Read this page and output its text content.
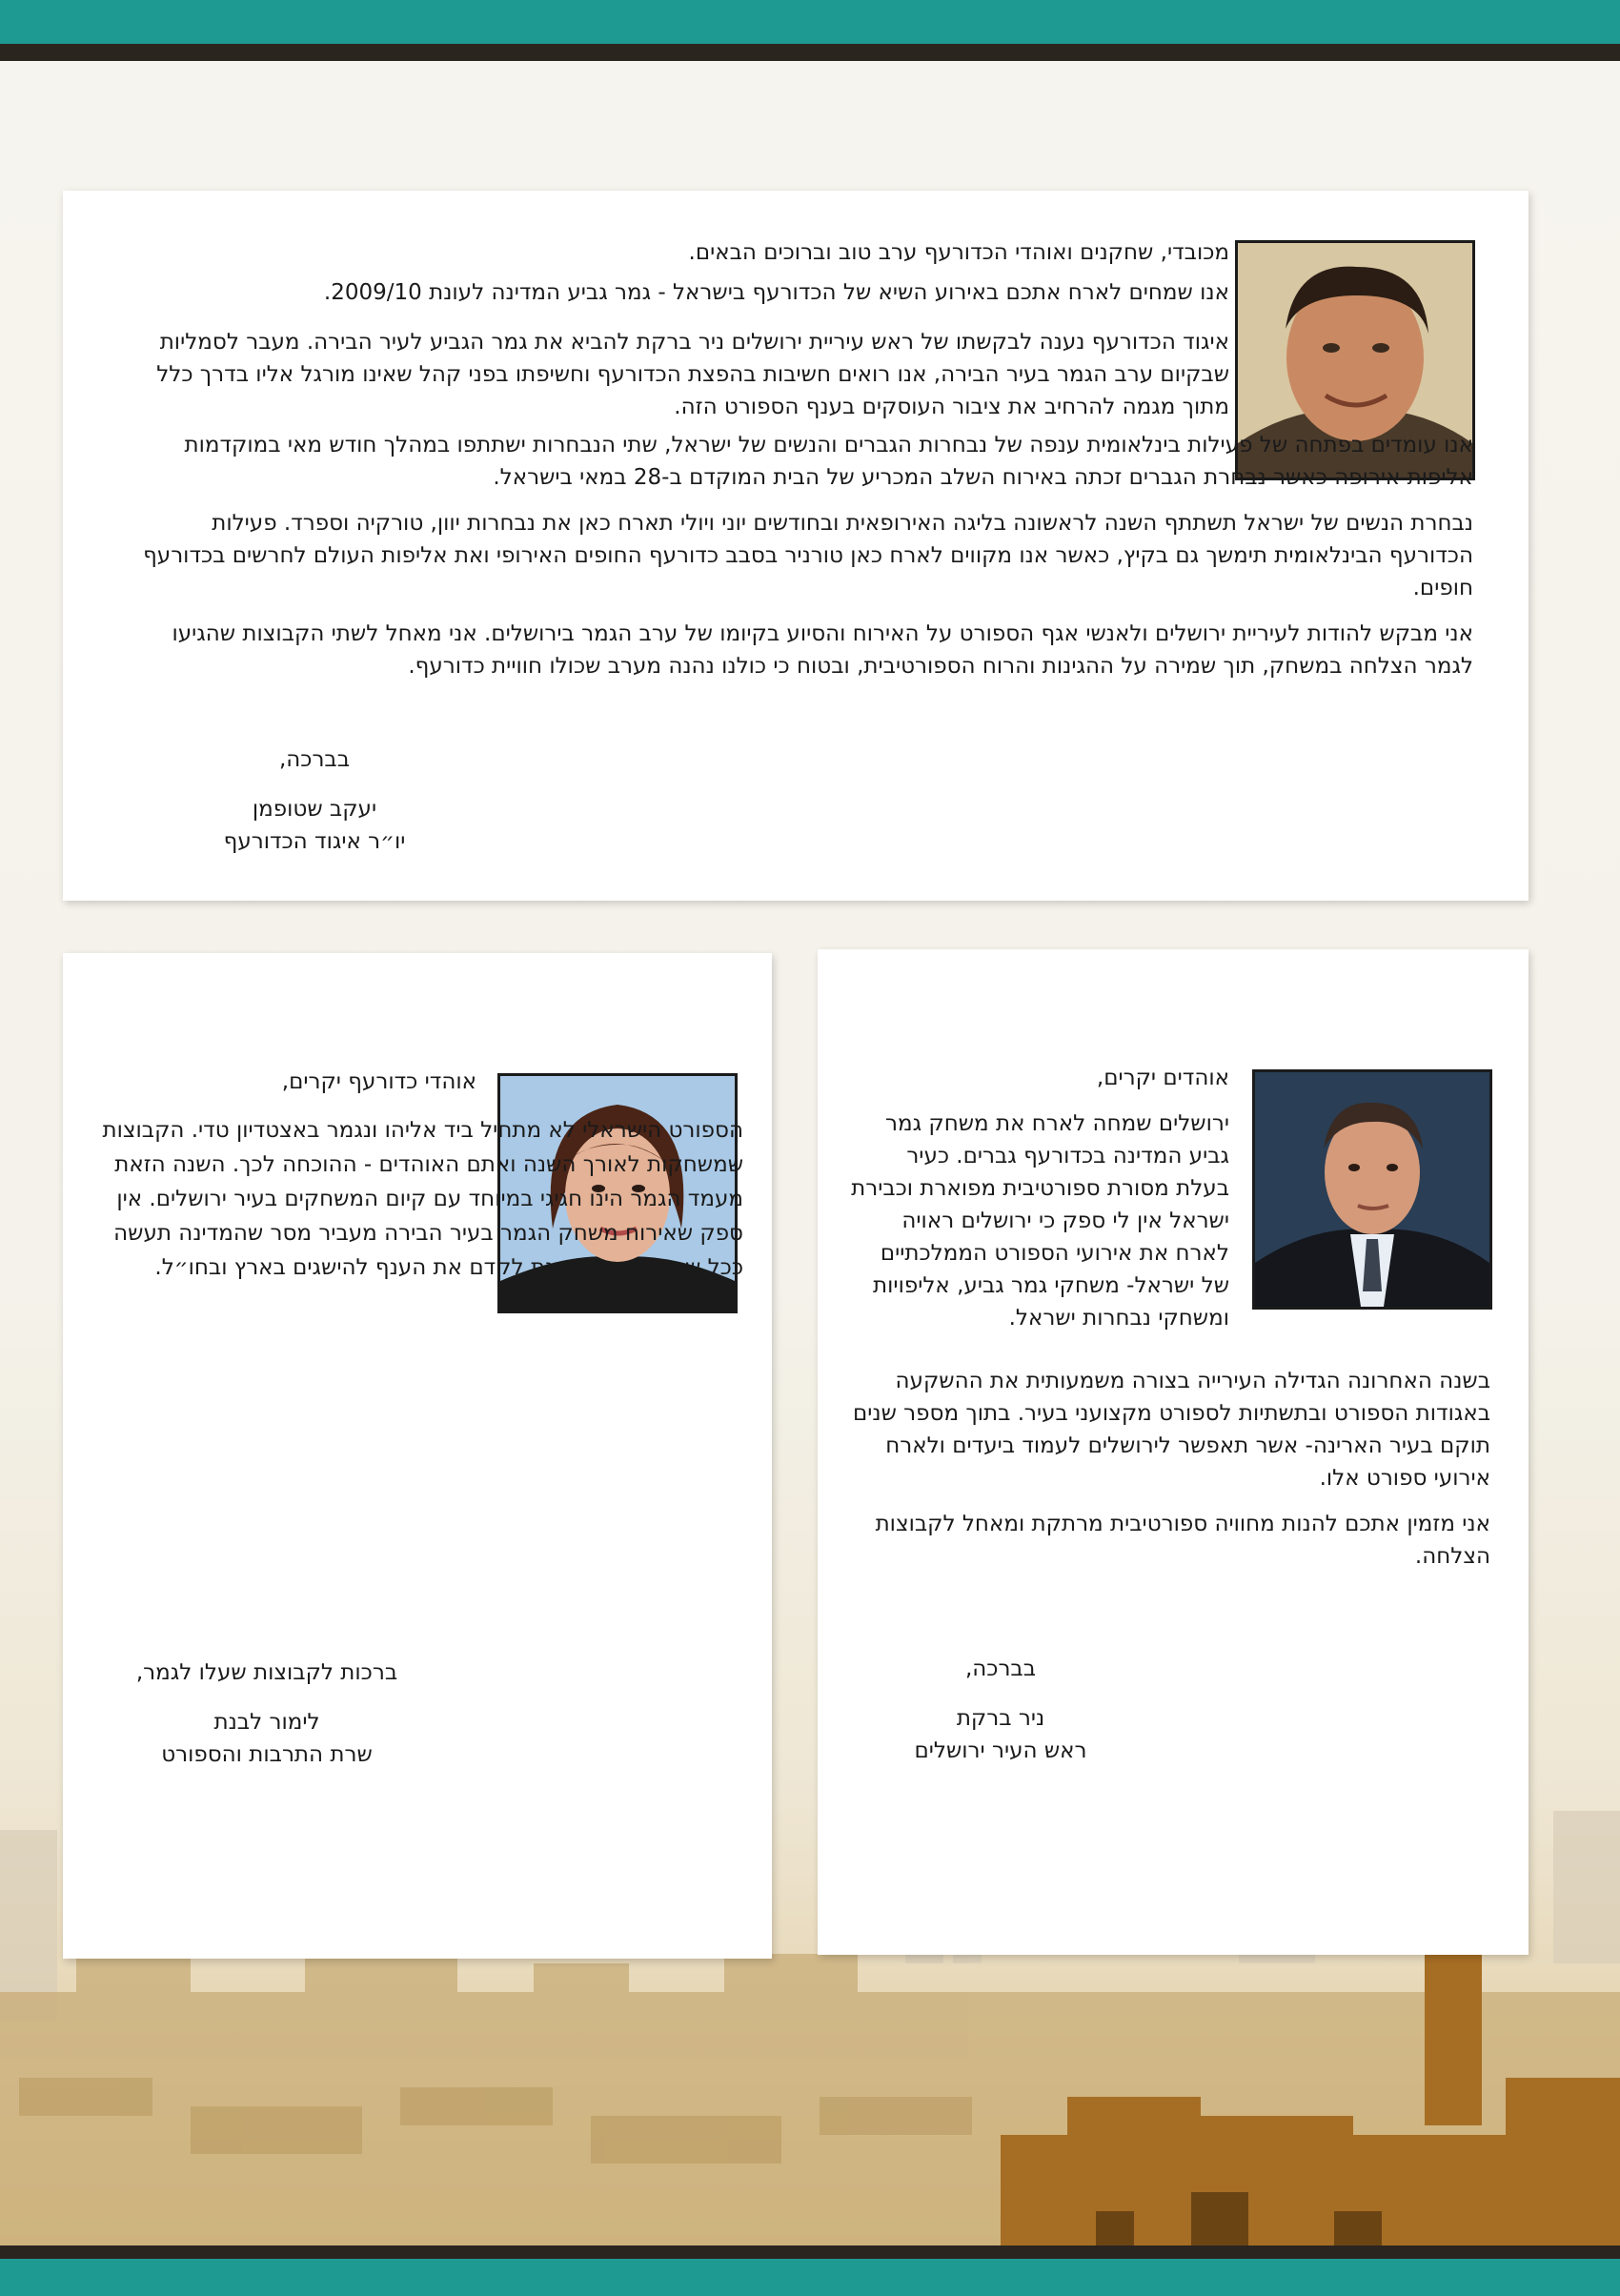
מכובדי, שחקנים ואוהדי הכדורעף ערב טוב וברוכים הבאים.

אנו שמחים לארח אתכם באירוע השיא של הכדורעף בישראל - גמר גביע המדינה לעונת 2009/10.

איגוד הכדורעף נענה לבקשתו של ראש עיריית ירושלים ניר ברקת להביא את גמר הגביע לעיר הבירה. מעבר לסמליות שבקיום ערב הגמר בעיר הבירה, אנו רואים חשיבות בהפצת הכדורעף וחשיפתו בפני קהל שאינו מורגל אליו בדרך כלל מתוך מגמה להרחיב את ציבור העוסקים בענף הספורט הזה.

אנו עומדים בפתחה של פעילות בינלאומית ענפה של נבחרות הגברים והנשים של ישראל, שתי הנבחרות ישתתפו במהלך חודש מאי במוקדמות אליפות אירופה כאשר נבחרת הגברים זכתה באירוח השלב המכריע של הבית המוקדם ב-28 במאי בישראל.

נבחרת הנשים של ישראל תשתתף השנה לראשונה בליגה האירופאית ובחודשים יוני ויולי תארח כאן את נבחרות יוון, טורקיה וספרד. פעילות הכדורעף הבינלאומית תימשך גם בקיץ, כאשר אנו מקווים לארח כאן טורניר בסבב כדורעף החופים האירופי ואת אליפות העולם לחרשים בכדורעף חופים.

אני מבקש להודות לעיריית ירושלים ולאנשי אגף הספורט על האירוח והסיוע בקיומו של ערב הגמר בירושלים. אני מאחל לשתי הקבוצות שהגיעו לגמר הצלחה במשחק, תוך שמירה על ההגינות והרוח הספורטיבית, ובטוח כי כולנו נהנה מערב שכולו חוויית כדורעף.

בברכה,
יעקב שטופמן
יו״ר איגוד הכדורעף

אוהדי כדורעף יקרים,

הספורט הישראלי לא מתחיל ביד אליהו ונגמר באצטדיון טדי. הקבוצות שמשחקות לאורך השנה ואתם האוהדים - ההוכחה לכך. השנה הזאת מעמד הגמר הינו חגיגי במיוחד עם קיום המשחקים בעיר ירושלים. אין ספק שאירוח משחק הגמר בעיר הבירה מעביר מסר שהמדינה תעשה ככל שביכולתה על מנת לקדם את הענף להישגים בארץ ובחו״ל.

ברכות לקבוצות שעלו לגמר,
לימור לבנת
שרת התרבות והספורט

אוהדים יקרים,

ירושלים שמחה לארח את משחק גמר גביע המדינה בכדורעף גברים. כעיר בעלת מסורת ספורטיבית מפוארת וכבירת ישראל אין לי ספק כי ירושלים ראויה לארח את אירועי הספורט הממלכתיים של ישראל- משחקי גמר גביע, אליפויות ומשחקי נבחרות ישראל.

בשנה האחרונה הגדילה העירייה בצורה משמעותית את ההשקעה באגודות הספורט ובתשתיות לספורט מקצועני בעיר. בתוך מספר שנים תוקם בעיר הארינה- אשר תאפשר לירושלים לעמוד ביעדים ולארח אירועי ספורט אלו.

אני מזמין אתכם להנות מחוויה ספורטיבית מרתקת ומאחל לקבוצות הצלחה.

בברכה,
ניר ברקת
ראש העיר ירושלים
